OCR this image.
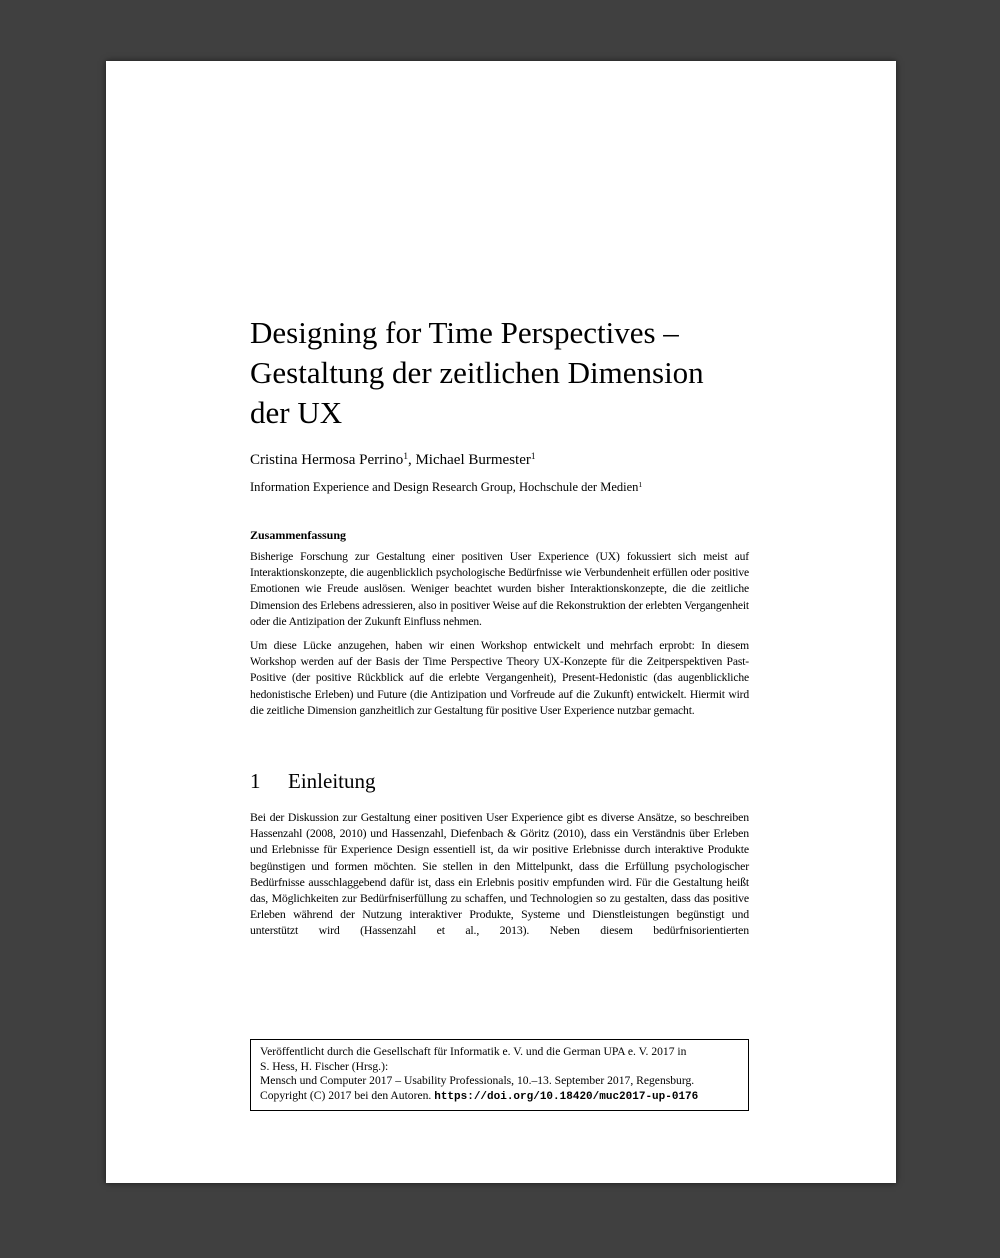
Designing for Time Perspectives –
Gestaltung der zeitlichen Dimension
der UX
Cristina Hermosa Perrino$^1$, Michael Burmester$^1$
Information Experience and Design Research Group, Hochschule der Medien$^1$
Zusammenfassung

Bisherige Forschung zur Gestaltung einer positiven User Experience (UX) fokussiert sich meist auf Interaktionskonzepte, die augenblicklich psychologische Bedürfnisse wie Verbundenheit erfüllen oder positive Emotionen wie Freude auslösen. Weniger beachtet wurden bisher Interaktionskonzepte, die die zeitliche Dimension des Erlebens adressieren, also in positiver Weise auf die Rekonstruktion der erlebten Vergangenheit oder die Antizipation der Zukunft Einfluss nehmen.

Um diese Lücke anzugehen, haben wir einen Workshop entwickelt und mehrfach erprobt: In diesem Workshop werden auf der Basis der Time Perspective Theory UX-Konzepte für die Zeitperspektiven Past-Positive (der positive Rückblick auf die erlebte Vergangenheit), Present-Hedonistic (das augenblickliche hedonistische Erleben) und Future (die Antizipation und Vorfreude auf die Zukunft) entwickelt. Hiermit wird die zeitliche Dimension ganzheitlich zur Gestaltung für positive User Experience nutzbar gemacht.

1 Einleitung

Bei der Diskussion zur Gestaltung einer positiven User Experience gibt es diverse Ansätze, so beschreiben Hassenzahl (2008, 2010) und Hassenzahl, Diefenbach & Göritz (2010), dass ein Verständnis über Erleben und Erlebnisse für Experience Design essentiell ist, da wir positive Erlebnisse durch interaktive Produkte begünstigen und formen möchten. Sie stellen in den Mittelpunkt, dass die Erfüllung psychologischer Bedürfnisse ausschlaggebend dafür ist, dass ein Erlebnis positiv empfunden wird. Für die Gestaltung heißt das, Möglichkeiten zur Bedürfniserfüllung zu schaffen, und Technologien so zu gestalten, dass das positive Erleben während der Nutzung interaktiver Produkte, Systeme und Dienstleistungen begünstigt und unterstützt wird (Hassenzahl et al., 2013). Neben diesem bedürfnisorientierten

Veröffentlicht durch die Gesellschaft für Informatik e. V. und die German UPA e. V. 2017 in
S. Hess, H. Fischer (Hrsg.):
Mensch und Computer 2017 – Usability Professionals, 10.–13. September 2017, Regensburg.
Copyright (C) 2017 bei den Autoren. https://doi.org/10.18420/muc2017-up-0176
